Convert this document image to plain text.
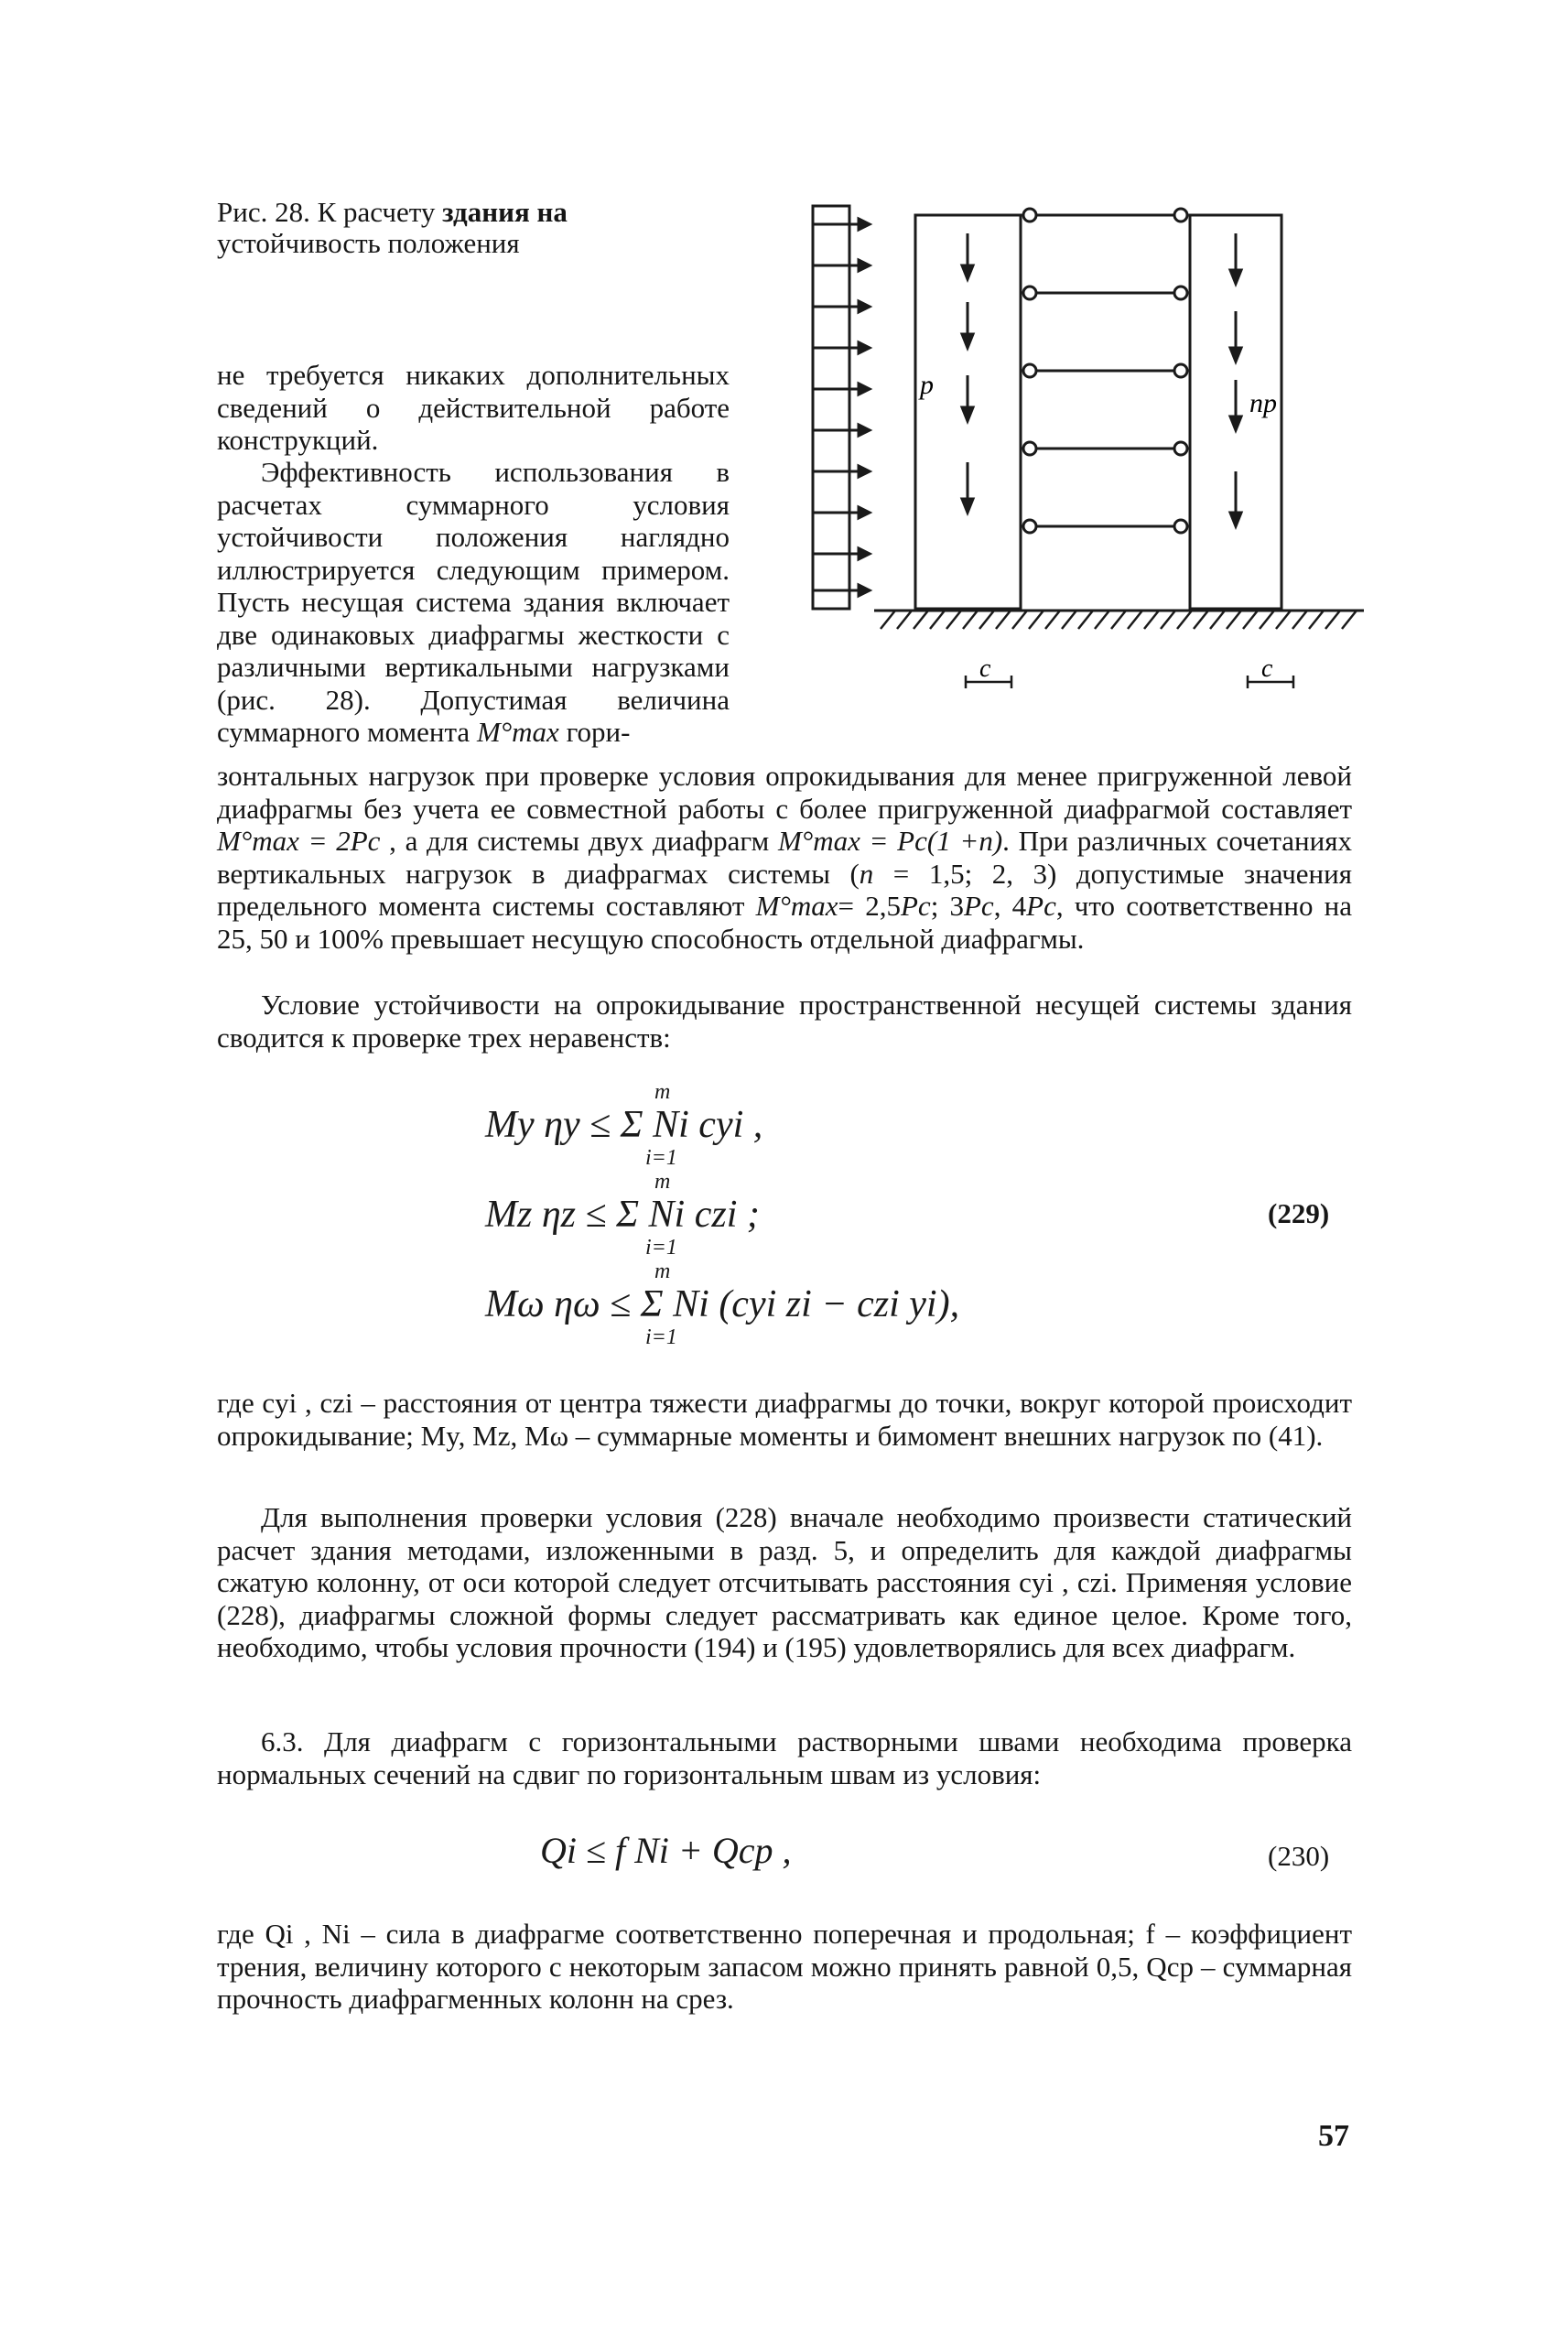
Рис. 28. К расчету здания на
устойчивость положения
p
np
c	c

не требуется никаких дополнительных сведений о действительной работе конструкций.

Эффективность использования в расчетах суммарного условия устойчивости положения наглядно иллюстрируется следующим примером. Пусть несущая система здания включает две одинаковых диафрагмы жесткости с различными вертикальными нагрузками (рис. 28). Допустимая величина суммарного момента M°max гори-

зонтальных нагрузок при проверке условия опрокидывания для менее пригруженной левой диафрагмы без учета ее совместной работы с более пригруженной диафрагмой составляет M°max = 2Pc , а для системы двух диафрагм M°max = Pc(1 +n). При различных сочетаниях вертикальных нагрузок в диафрагмах системы (n = 1,5; 2, 3) допустимые значения предельного момента системы составляют M°max= 2,5Pc; 3Pc, 4Pc, что соответственно на 25, 50 и 100% превышает несущую способность отдельной диафрагмы.

Условие устойчивости на опрокидывание пространственной несущей системы здания сводится к проверке трех неравенств:

My ηy ≤ Σ Ni cyi ,
Mz ηz ≤ Σ Ni czi ;
Mω ηω ≤ Σ Ni (cyi zi − czi yi),
m
i=1
m
i=1
m
i=1
(229)

где cyi , czi – расстояния от центра тяжести диафрагмы до точки, вокруг которой происходит опрокидывание; My, Mz, Mω – суммарные моменты и бимомент внешних нагрузок по (41).

Для выполнения проверки условия (228) вначале необходимо произвести статический расчет здания методами, изложенными в разд. 5, и определить для каждой диафрагмы сжатую колонну, от оси которой следует отсчитывать расстояния cyi , czi. Применяя условие (228), диафрагмы сложной формы следует рассматривать как единое целое. Кроме того, необходимо, чтобы условия прочности (194) и (195) удовлетворялись для всех диафрагм.

6.3. Для диафрагм с горизонтальными растворными швами необходима проверка нормальных сечений на сдвиг по горизонтальным швам из условия:

Qi ≤ f Ni + Qcp ,	(230)

где Qi , Ni – сила в диафрагме соответственно поперечная и продольная; f – коэффициент трения, величину которого с некоторым запасом можно принять равной 0,5, Qcp – суммарная прочность диафрагменных колонн на срез.

57
